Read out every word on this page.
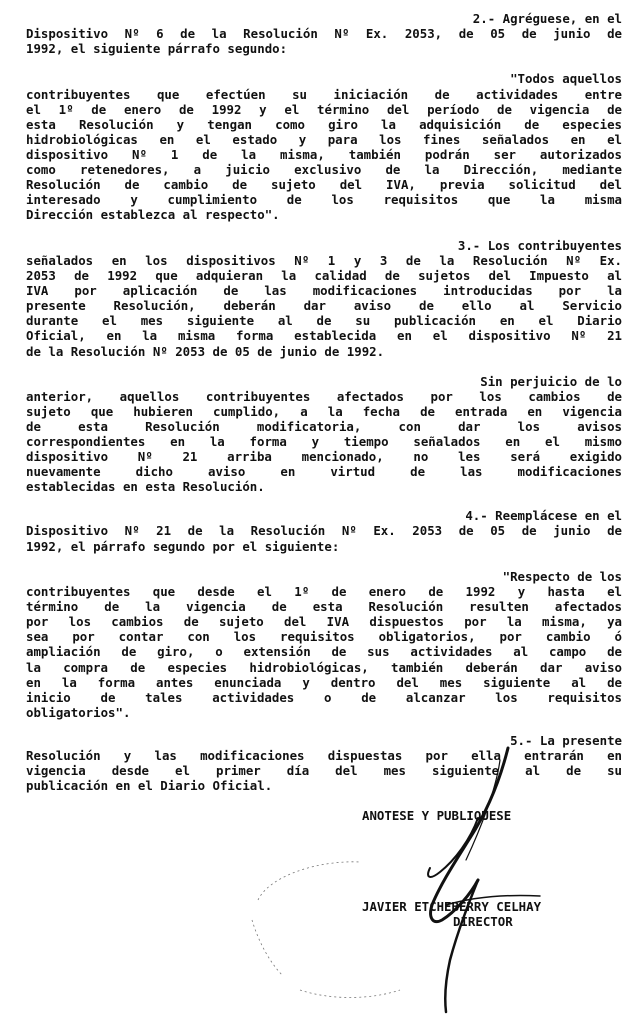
2.- Agréguese, en el
Dispositivo Nº 6 de la Resolución Nº Ex. 2053, de 05 de junio de
1992, el siguiente párrafo segundo:
"Todos aquellos
contribuyentes que efectúen su iniciación de actividades entre
el 1º de enero de 1992 y el término del período de vigencia de
esta Resolución y tengan como giro la adquisición de especies
hidrobiológicas en el estado y para los fines señalados en el
dispositivo Nº 1 de la misma, también podrán ser autorizados
como retenedores, a juicio exclusivo de la Dirección, mediante
Resolución de cambio de sujeto del IVA, previa solicitud del
interesado y cumplimiento de los requisitos que la misma
Dirección establezca al respecto".
3.- Los contribuyentes
señalados en los dispositivos Nº 1 y 3 de la Resolución Nº Ex.
2053 de 1992 que adquieran la calidad de sujetos del Impuesto al
IVA por aplicación de las modificaciones introducidas por la
presente Resolución, deberán dar aviso de ello al Servicio
durante el mes siguiente al de su publicación en el Diario
Oficial, en la misma forma establecida en el dispositivo Nº 21
de la Resolución Nº 2053 de 05 de junio de 1992.
Sin perjuicio de lo
anterior, aquellos contribuyentes afectados por los cambios de
sujeto que hubieren cumplido, a la fecha de entrada en vigencia
de esta Resolución modificatoria, con dar los avisos
correspondientes en la forma y tiempo señalados en el mismo
dispositivo Nº 21 arriba mencionado, no les será exigido
nuevamente dicho aviso en virtud de las modificaciones
establecidas en esta Resolución.
4.- Reemplácese en el
Dispositivo Nº 21 de la Resolución Nº Ex. 2053 de 05 de junio de
1992, el párrafo segundo por el siguiente:
"Respecto de los
contribuyentes que desde el 1º de enero de 1992 y hasta el
término de la vigencia de esta Resolución resulten afectados
por los cambios de sujeto del IVA dispuestos por la misma, ya
sea por contar con los requisitos obligatorios, por cambio ó
ampliación de giro, o extensión de sus actividades al campo de
la compra de especies hidrobiológicas, también deberán dar aviso
en la forma antes enunciada y dentro del mes siguiente al de
inicio de tales actividades o de alcanzar los requisitos
obligatorios".
5.- La presente
Resolución y las modificaciones dispuestas por ella entrarán en
vigencia desde el primer día del mes siguiente al de su
publicación en el Diario Oficial.
ANOTESE Y PUBLIQUESE
JAVIER ETCHEBERRY CELHAY
DIRECTOR
